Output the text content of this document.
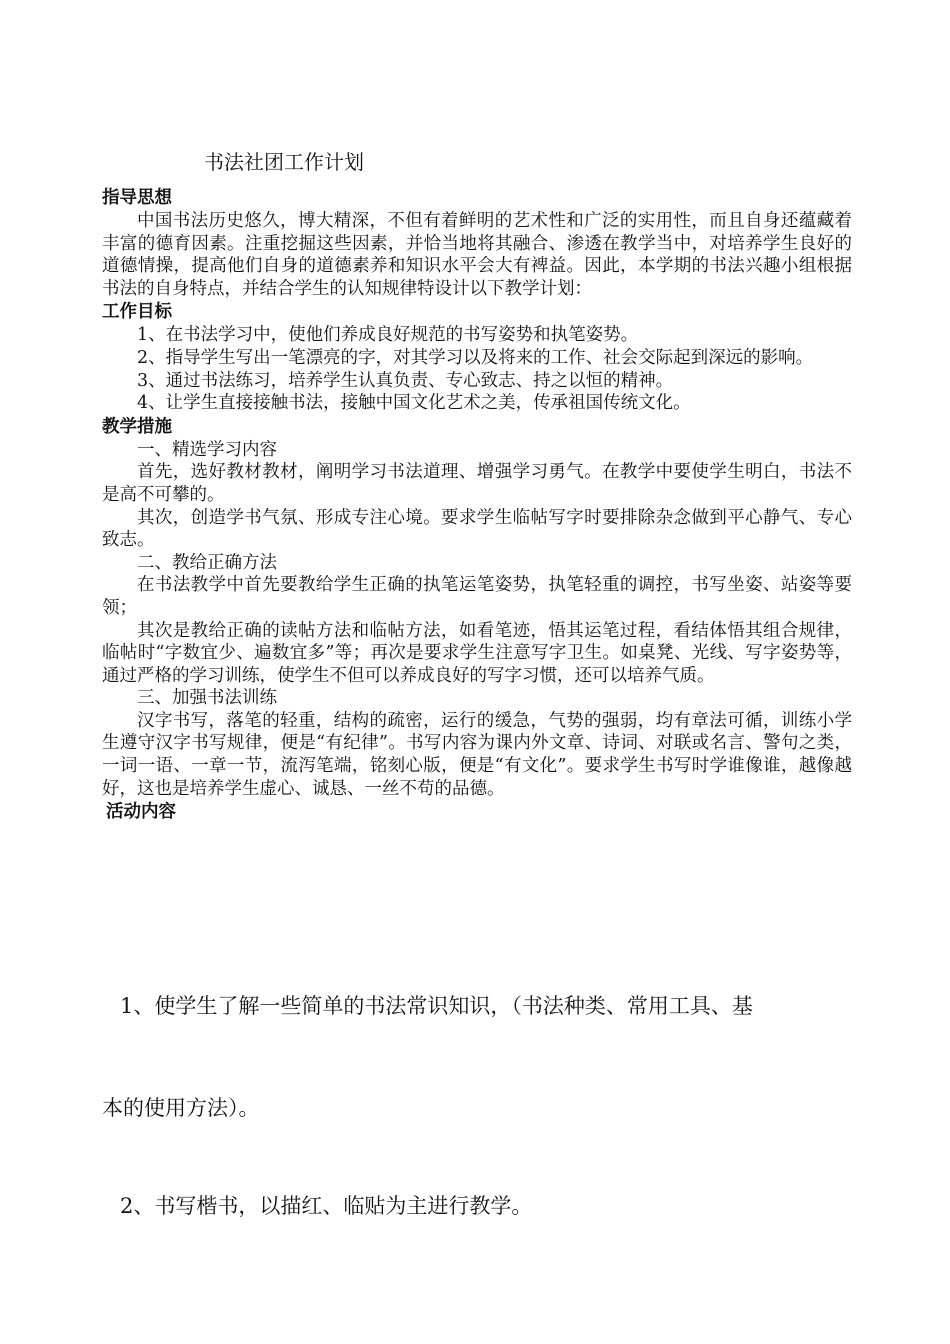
书法社团工作计划
指导思想

中国书法历史悠久，博大精深，不但有着鲜明的艺术性和广泛的实用性，而且自身还蕴藏着丰富的德育因素。注重挖掘这些因素，并恰当地将其融合、渗透在教学当中，对培养学生良好的道德情操，提高他们自身的道德素养和知识水平会大有裨益。因此，本学期的书法兴趣小组根据书法的自身特点，并结合学生的认知规律特设计以下教学计划：

工作目标

1、在书法学习中，使他们养成良好规范的书写姿势和执笔姿势。

2、指导学生写出一笔漂亮的字，对其学习以及将来的工作、社会交际起到深远的影响。

3、通过书法练习，培养学生认真负责、专心致志、持之以恒的精神。

4、让学生直接接触书法，接触中国文化艺术之美，传承祖国传统文化。

教学措施

一、精选学习内容

首先，选好教材教材，阐明学习书法道理、增强学习勇气。在教学中要使学生明白，书法不是高不可攀的。

其次，创造学书气氛、形成专注心境。要求学生临帖写字时要排除杂念做到平心静气、专心致志。

二、教给正确方法

在书法教学中首先要教给学生正确的执笔运笔姿势，执笔轻重的调控，书写坐姿、站姿等要领；

其次是教给正确的读帖方法和临帖方法，如看笔迹，悟其运笔过程，看结体悟其组合规律，临帖时“字数宜少、遍数宜多”等；再次是要求学生注意写字卫生。如桌凳、光线、写字姿势等，通过严格的学习训练，使学生不但可以养成良好的写字习惯，还可以培养气质。

三、加强书法训练

汉字书写，落笔的轻重，结构的疏密，运行的缓急，气势的强弱，均有章法可循，训练小学生遵守汉字书写规律，便是“有纪律”。书写内容为课内外文章、诗词、对联或名言、警句之类，一词一语、一章一节，流泻笔端，铭刻心版，便是“有文化”。要求学生书写时学谁像谁，越像越好，这也是培养学生虚心、诚恳、一丝不苟的品德。

活动内容
1、使学生了解一些简单的书法常识知识，（书法种类、常用工具、基
本的使用方法）。
2、书写楷书，以描红、临贴为主进行教学。
